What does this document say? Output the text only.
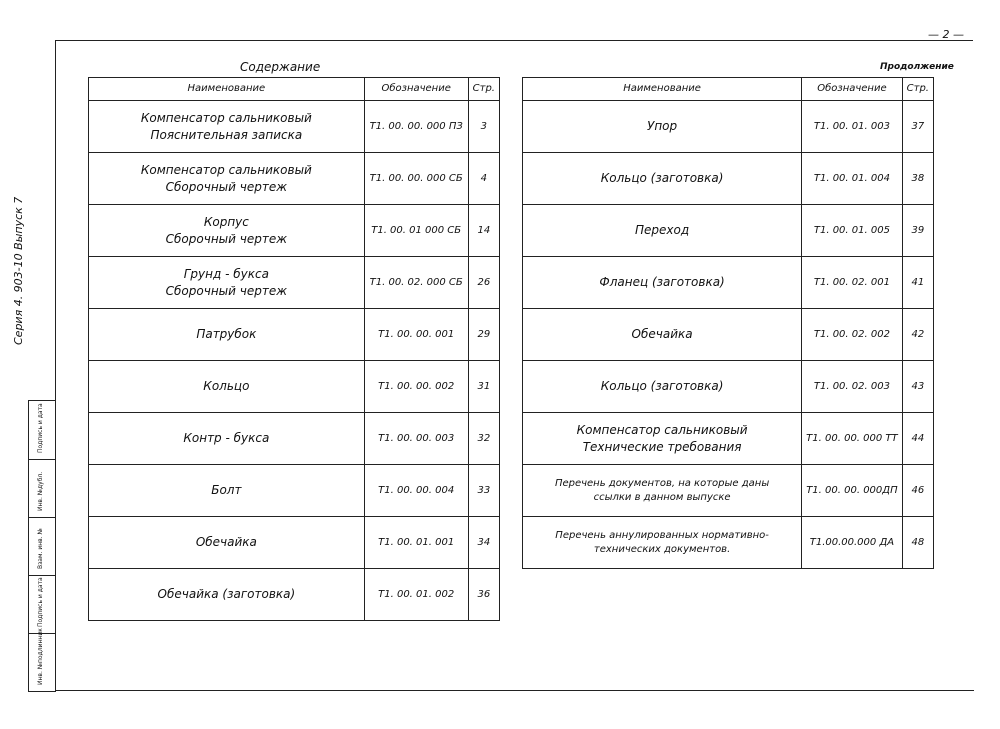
— 2 —
Серия 4. 903-10 Выпуск 7
Инв. №подлинник
Подпись и дата
Взам. инв. №
Инв. №дубл.
Подпись и дата
Содержание	Продолжение
Наименование	Обозначение	Стр.

Компенсатор сальниковый
Пояснительная записка	Т1. 00. 00. 000 ПЗ	3

Компенсатор сальниковый
Сборочный чертеж	Т1. 00. 00. 000 СБ	4

Корпус
Сборочный чертеж	Т1. 00. 01 000 СБ	14

Грунд - букса
Сборочный чертеж	Т1. 00. 02. 000 СБ	26

Патрубок	Т1. 00. 00. 001	29

Кольцо	Т1. 00. 00. 002	31

Контр - букса	Т1. 00. 00. 003	32

Болт	Т1. 00. 00. 004	33

Обечайка	Т1. 00. 01. 001	34

Обечайка (заготовка)	Т1. 00. 01. 002	36
Наименование	Обозначение	Стр.

Упор	Т1. 00. 01. 003	37

Кольцо (заготовка)	Т1. 00. 01. 004	38

Переход	Т1. 00. 01. 005	39

Фланец (заготовка)	Т1. 00. 02. 001	41

Обечайка	Т1. 00. 02. 002	42

Кольцо (заготовка)	Т1. 00. 02. 003	43

Компенсатор сальниковый
Технические требования	Т1. 00. 00. 000 ТТ	44

Перечень документов, на которые даны
ссылки в данном выпуске	Т1. 00. 00. 000ДП	46

Перечень аннулированных нормативно-
технических документов.	Т1.00.00.000 ДА	48
